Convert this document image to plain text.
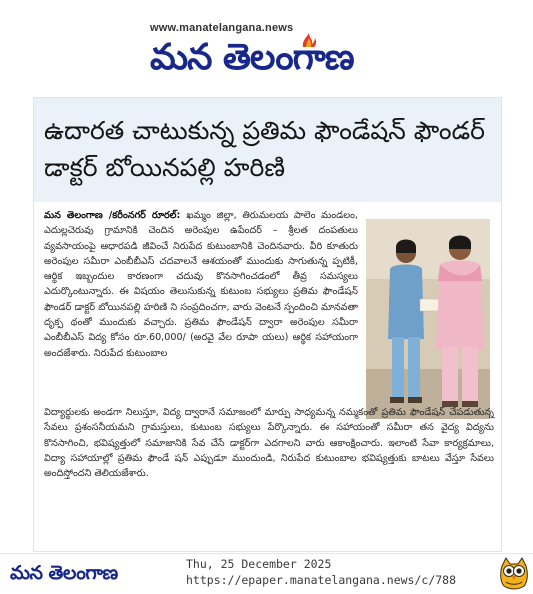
www.manatelangana.news
మన తెలంగాణ
ఉదారత చాటుకున్న ప్రతిమ ఫౌండేషన్ ఫౌండర్ డాక్టర్ బోయినపల్లి హరిణి
మన తెలంగాణ /కరీంనగర్ రూరల్: ఖమ్మం జిల్లా, తిరుమలయ పాలెం మండలం, ఎదుల్లచెరువు గ్రామానికి చెందిన అరెంపుల ఉపేందర్ – శ్రీలత దంపతులు వ్యవసాయంపై ఆధారపడి జీవించే నిరుపేద కుటుంబానికి చెందినవారు. వీరి కూతురు అరెంపుల సమీరా ఎంబీబీఎస్ చదవాలనే ఆశయంతో ముందుకు సాగుతున్న ప్పటికీ, ఆర్థిక ఇబ్బందుల కారణంగా చదువు కొనసాగించడంలో తీవ్ర సమస్యలు ఎదుర్కొంటున్నారు. ఈ విషయం తెలుసుకున్న కుటుంబ సభ్యులు ప్రతిమ ఫౌండేషన్ ఫౌండర్ డాక్టర్ బోయినపల్లి హరిణి ని సంప్రదించగా, వారు వెంటనే స్పందించి మానవతా దృక్ప థంతో ముందుకు వచ్చారు. ప్రతిమ ఫౌండేషన్ ద్వారా అరెంపుల సమీరా ఎంబీబీఎస్ విద్య కోసం రూ.60,000/ (అరవై వేల రూపా యలు) ఆర్థిక సహాయంగా అందజేశారు. నిరుపేద కుటుంబాల
విద్యార్థులకు అండగా నిలుస్తూ, విద్య ద్వారానే సమాజంలో మార్పు సాధ్యమన్న నమ్మకంతో ప్రతిమ ఫౌండేషన్ చేపడుతున్న సేవలు ప్రశంసనీయమని గ్రామస్తులు, కుటుంబ సభ్యులు పేర్కొన్నారు. ఈ సహాయంతో సమీరా తన వైద్య విద్యను కొనసాగించి, భవిష్యత్తులో సమాజానికి సేవ చేసే డాక్టర్‌గా ఎదగాలని వారు ఆకాంక్షించారు. ఇలాంటి సేవా కార్యక్రమాలు, విద్యా సహాయాల్లో ప్రతిమ ఫౌండే షన్ ఎప్పుడూ ముందుండి, నిరుపేద కుటుంబాల భవిష్యత్తుకు బాటలు వేస్తూ సేవలు అందిస్తోందని తెలియజేశారు.
మన తెలంగాణ	Thu, 25 December 2025
https://epaper.manatelangana.news/c/788
